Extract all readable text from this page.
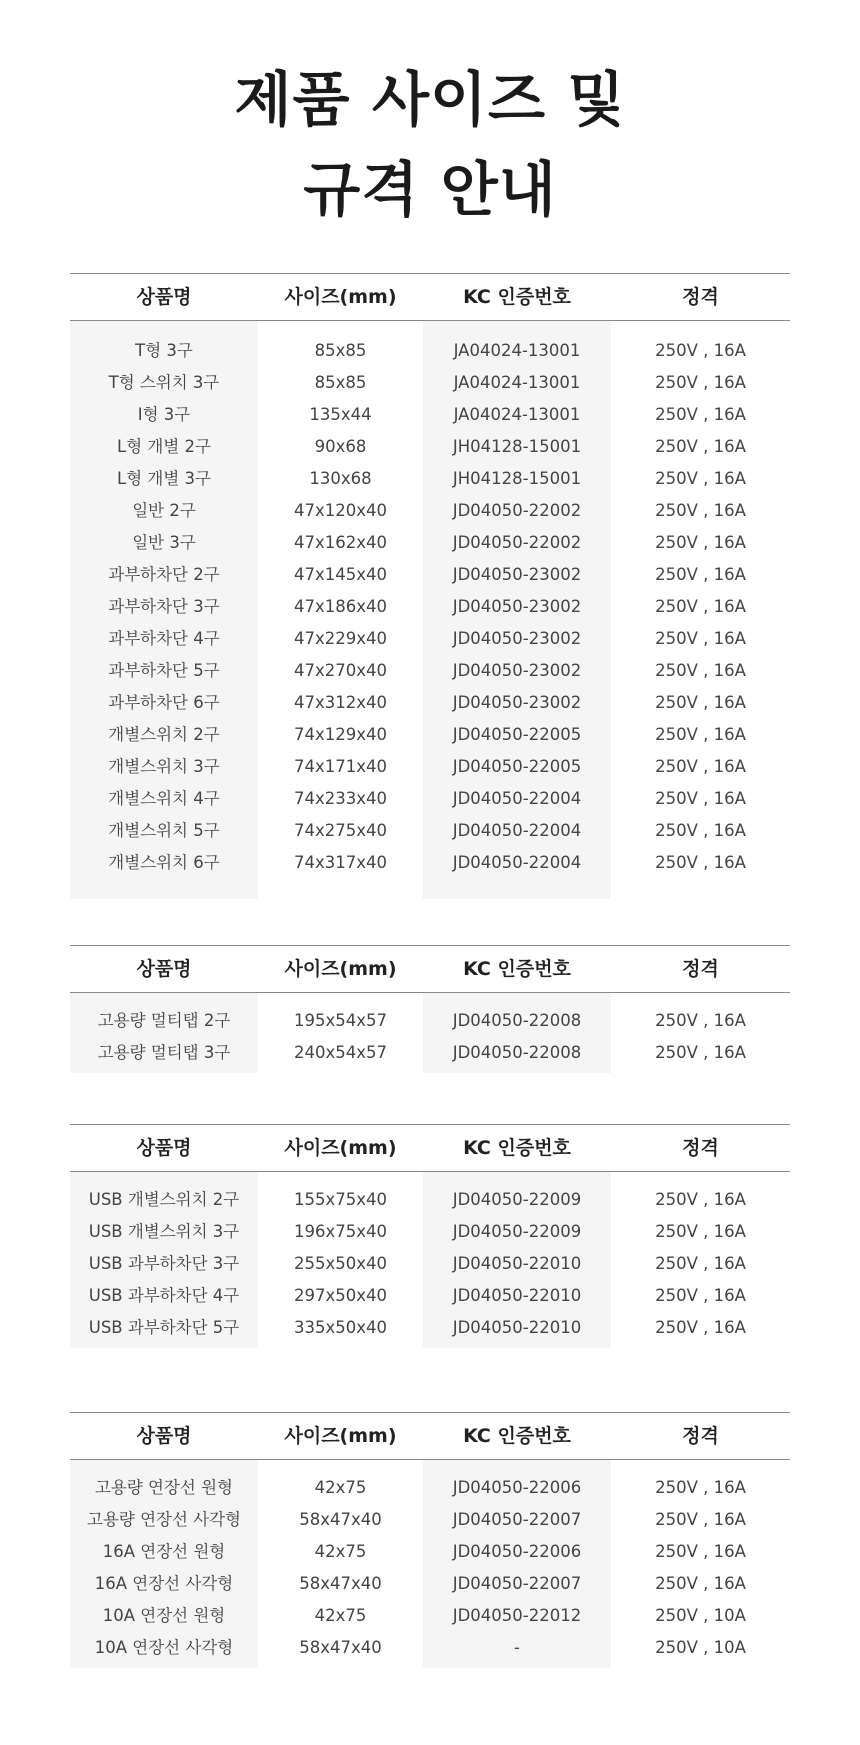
제품 사이즈 및
규격 안내
상품명	사이즈(mm)	KC 인증번호	정격
T형 3구	85x85	JA04024-13001	250V , 16A
T형 스위치 3구	85x85	JA04024-13001	250V , 16A
I형 3구	135x44	JA04024-13001	250V , 16A
L형 개별 2구	90x68	JH04128-15001	250V , 16A
L형 개별 3구	130x68	JH04128-15001	250V , 16A
일반 2구	47x120x40	JD04050-22002	250V , 16A
일반 3구	47x162x40	JD04050-22002	250V , 16A
과부하차단 2구	47x145x40	JD04050-23002	250V , 16A
과부하차단 3구	47x186x40	JD04050-23002	250V , 16A
과부하차단 4구	47x229x40	JD04050-23002	250V , 16A
과부하차단 5구	47x270x40	JD04050-23002	250V , 16A
과부하차단 6구	47x312x40	JD04050-23002	250V , 16A
개별스위치 2구	74x129x40	JD04050-22005	250V , 16A
개별스위치 3구	74x171x40	JD04050-22005	250V , 16A
개별스위치 4구	74x233x40	JD04050-22004	250V , 16A
개별스위치 5구	74x275x40	JD04050-22004	250V , 16A
개별스위치 6구	74x317x40	JD04050-22004	250V , 16A
상품명	사이즈(mm)	KC 인증번호	정격
고용량 멀티탭 2구	195x54x57	JD04050-22008	250V , 16A
고용량 멀티탭 3구	240x54x57	JD04050-22008	250V , 16A
상품명	사이즈(mm)	KC 인증번호	정격
USB 개별스위치 2구	155x75x40	JD04050-22009	250V , 16A
USB 개별스위치 3구	196x75x40	JD04050-22009	250V , 16A
USB 과부하차단 3구	255x50x40	JD04050-22010	250V , 16A
USB 과부하차단 4구	297x50x40	JD04050-22010	250V , 16A
USB 과부하차단 5구	335x50x40	JD04050-22010	250V , 16A
상품명	사이즈(mm)	KC 인증번호	정격
고용량 연장선 원형	42x75	JD04050-22006	250V , 16A
고용량 연장선 사각형	58x47x40	JD04050-22007	250V , 16A
16A 연장선 원형	42x75	JD04050-22006	250V , 16A
16A 연장선 사각형	58x47x40	JD04050-22007	250V , 16A
10A 연장선 원형	42x75	JD04050-22012	250V , 10A
10A 연장선 사각형	58x47x40	-	250V , 10A
